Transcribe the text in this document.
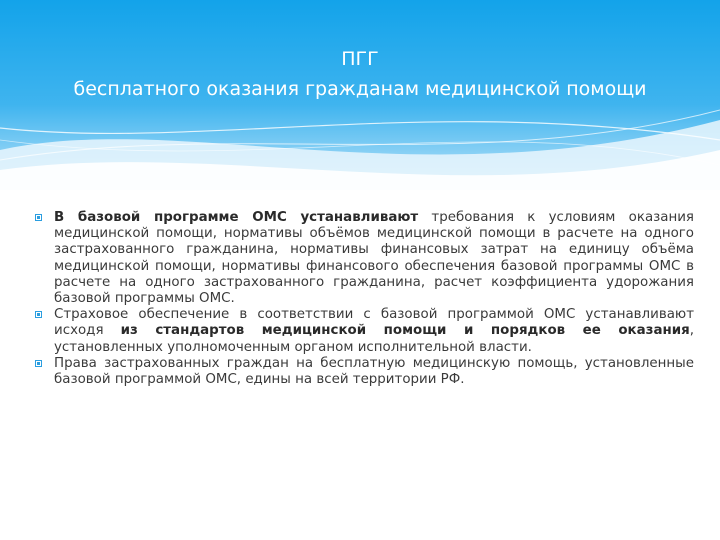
ПГГ
бесплатного оказания гражданам медицинской помощи
В базовой программе ОМС устанавливают требования к условиям оказания медицинской помощи, нормативы объёмов медицинской помощи в расчете на одного застрахованного гражданина, нормативы финансовых затрат на единицу объёма медицинской помощи, нормативы финансового обеспечения базовой программы ОМС в расчете на одного застрахованного гражданина, расчет коэффициента удорожания базовой программы ОМС.
Страховое обеспечение в соответствии с базовой программой ОМС устанавливают исходя из стандартов медицинской помощи и порядков ее оказания, установленных уполномоченным органом исполнительной власти.
Права застрахованных граждан на бесплатную медицинскую помощь, установленные базовой программой ОМС, едины на всей территории РФ.
